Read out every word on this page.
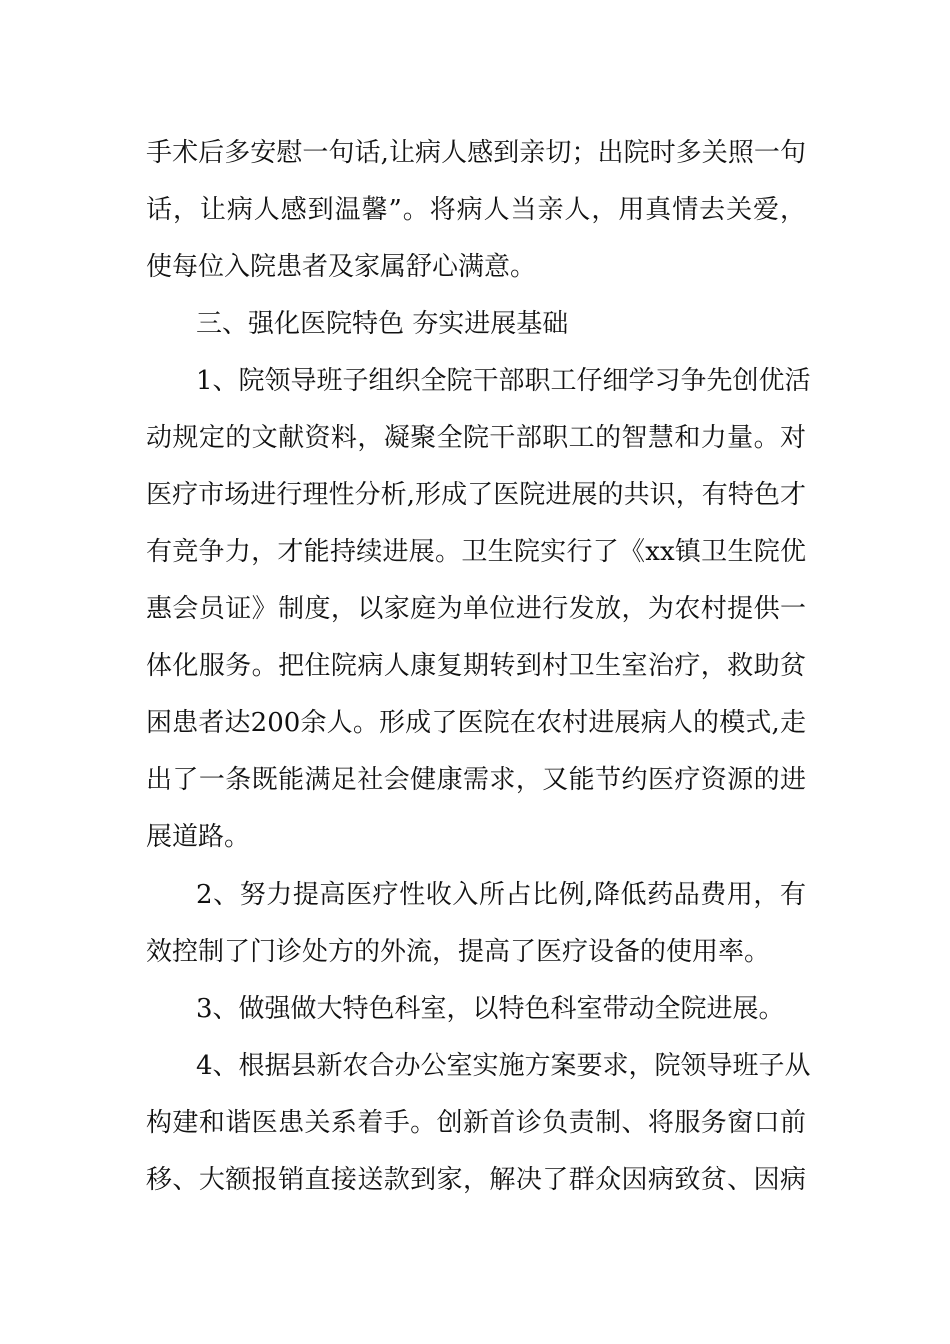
手术后多安慰一句话,让病人感到亲切；出院时多关照一句
话，让病人感到温馨”。将病人当亲人，用真情去关爱，
使每位入院患者及家属舒心满意。
三、强化医院特色 夯实进展基础
1、院领导班子组织全院干部职工仔细学习争先创优活
动规定的文献资料，凝聚全院干部职工的智慧和力量。对
医疗市场进行理性分析,形成了医院进展的共识，有特色才
有竞争力，才能持续进展。卫生院实行了《xx镇卫生院优
惠会员证》制度，以家庭为单位进行发放，为农村提供一
体化服务。把住院病人康复期转到村卫生室治疗，救助贫
困患者达200余人。形成了医院在农村进展病人的模式,走
出了一条既能满足社会健康需求，又能节约医疗资源的进
展道路。
2、努力提高医疗性收入所占比例,降低药品费用，有
效控制了门诊处方的外流，提高了医疗设备的使用率。
3、做强做大特色科室，以特色科室带动全院进展。
4、根据县新农合办公室实施方案要求，院领导班子从
构建和谐医患关系着手。创新首诊负责制、将服务窗口前
移、大额报销直接送款到家，解决了群众因病致贫、因病
